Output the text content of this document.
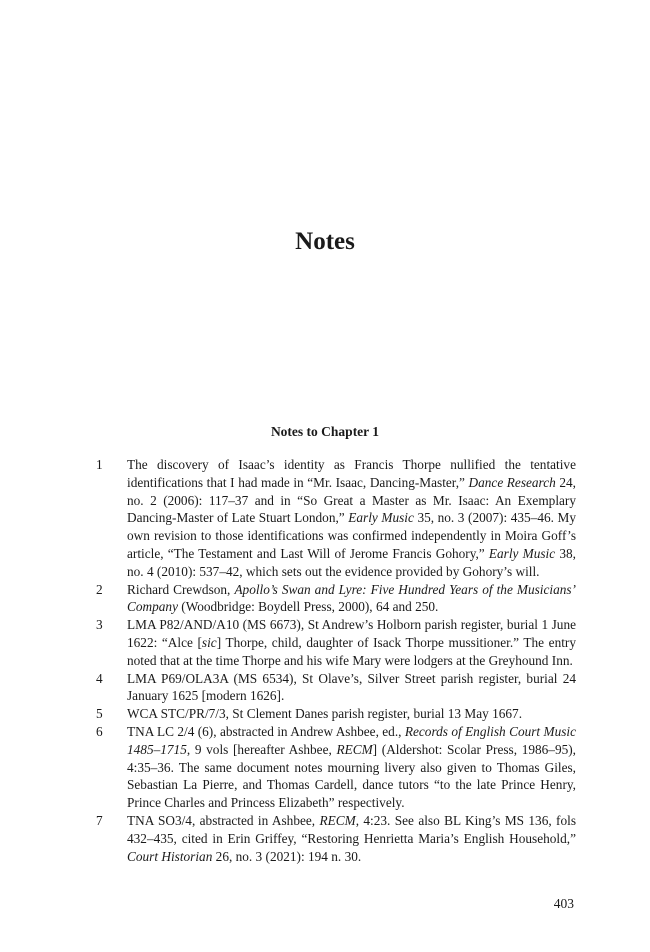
Notes
Notes to Chapter 1
1	The discovery of Isaac’s identity as Francis Thorpe nullified the tentative identifications that I had made in “Mr. Isaac, Dancing-Master,” Dance Research 24, no. 2 (2006): 117–37 and in “So Great a Master as Mr. Isaac: An Exemplary Dancing-Master of Late Stuart London,” Early Music 35, no. 3 (2007): 435–46. My own revision to those identifications was confirmed independently in Moira Goff’s article, “The Testament and Last Will of Jerome Francis Gohory,” Early Music 38, no. 4 (2010): 537–42, which sets out the evidence provided by Gohory’s will.
2	Richard Crewdson, Apollo’s Swan and Lyre: Five Hundred Years of the Musicians’ Company (Woodbridge: Boydell Press, 2000), 64 and 250.
3	LMA P82/AND/A10 (MS 6673), St Andrew’s Holborn parish register, burial 1 June 1622: “Alce [sic] Thorpe, child, daughter of Isack Thorpe mussitioner.” The entry noted that at the time Thorpe and his wife Mary were lodgers at the Greyhound Inn.
4	LMA P69/OLA3A (MS 6534), St Olave’s, Silver Street parish register, burial 24 January 1625 [modern 1626].
5	WCA STC/PR/7/3, St Clement Danes parish register, burial 13 May 1667.
6	TNA LC 2/4 (6), abstracted in Andrew Ashbee, ed., Records of English Court Music 1485–1715, 9 vols [hereafter Ashbee, RECM] (Aldershot: Scolar Press, 1986–95), 4:35–36. The same document notes mourning livery also given to Thomas Giles, Sebastian La Pierre, and Thomas Cardell, dance tutors “to the late Prince Henry, Prince Charles and Princess Elizabeth” respectively.
7	TNA SO3/4, abstracted in Ashbee, RECM, 4:23. See also BL King’s MS 136, fols 432–435, cited in Erin Griffey, “Restoring Henrietta Maria’s English Household,” Court Historian 26, no. 3 (2021): 194 n. 30.
403
